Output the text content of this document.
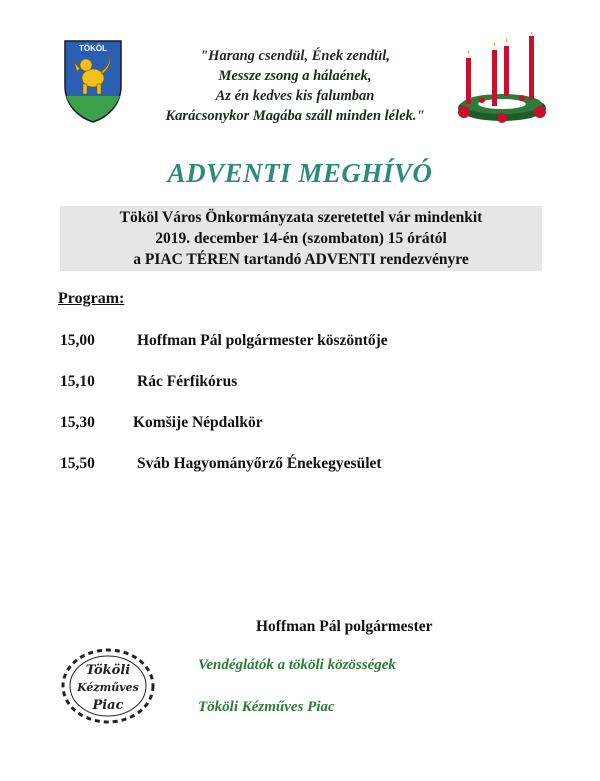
TÖKÖL	"Harang csendül, Ének zendül,
Messze zsong a hálaének,
Az én kedves kis falumban
Karácsonykor Magába száll minden lélek."
ADVENTI MEGHÍVÓ
Tököl Város Önkormányzata szeretettel vár mindenkit
2019. december 14-én (szombaton) 15 órától
a PIAC TÉREN tartandó ADVENTI rendezvényre
Program:
15,00	Hoffman Pál polgármester köszöntője
15,10	Rác Férfikórus
15,30 Komšije Népdalkör
15,50	Sváb Hagyományőrző Énekegyesület
Hoffman Pál polgármester
Tököli
Kézműves
Piac
Vendéglátók a tököli közösségek
Tököli Kézműves Piac
